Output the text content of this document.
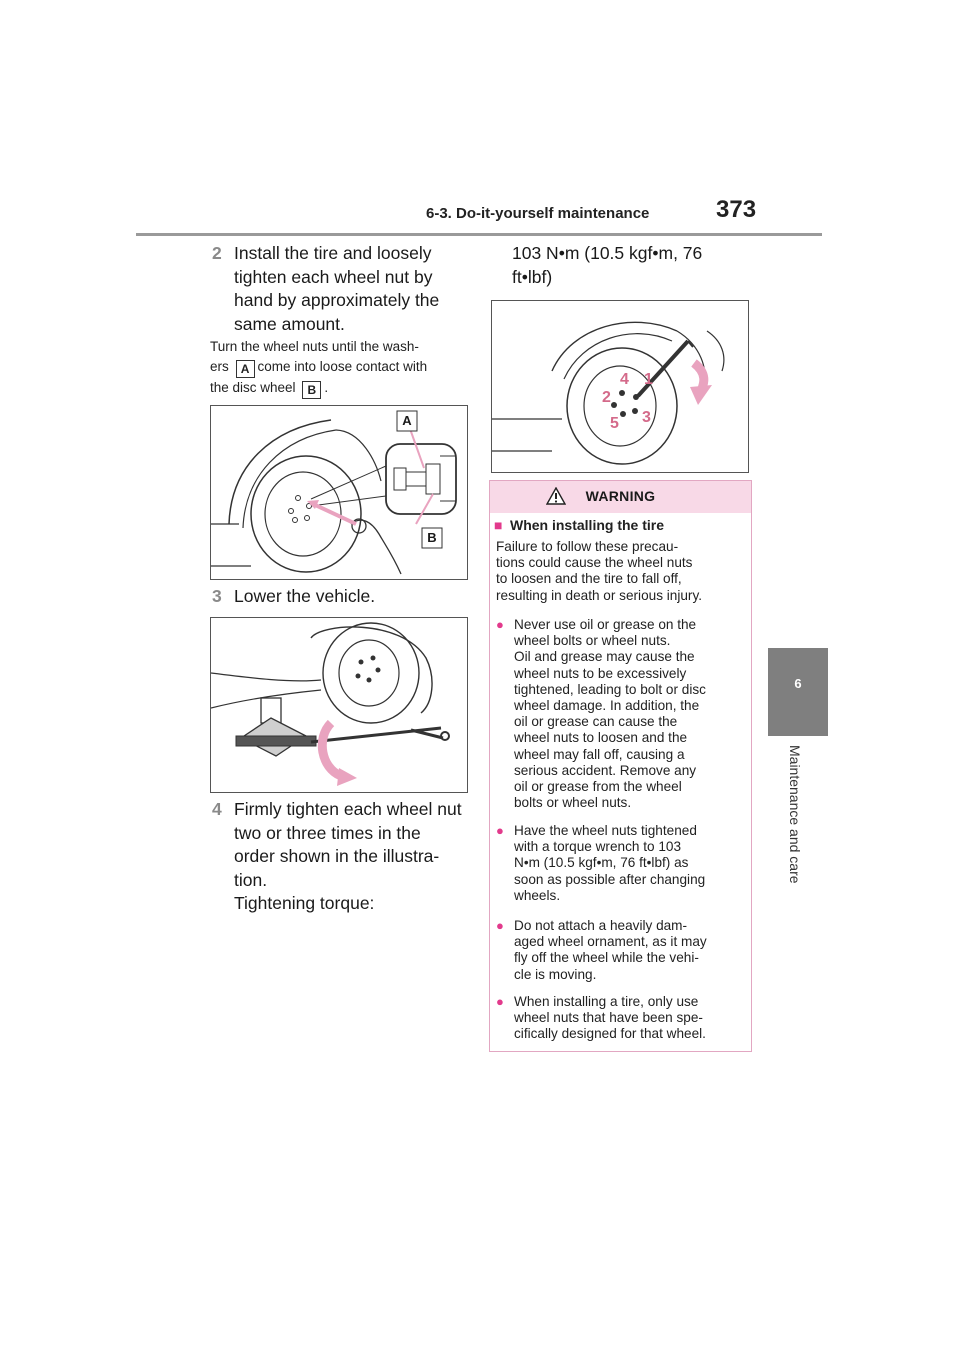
6-3. Do-it-yourself maintenance	373
6
Maintenance and care
2 Install the tire and loosely
tighten each wheel nut by
hand by approximately the
same amount.
Turn the wheel nuts until the wash-
ers A come into loose contact with
the disc wheel B .
A
B
3 Lower the vehicle.
4 Firmly tighten each wheel nut
two or three times in the
order shown in the illustra-
tion.
Tightening torque:
103 N•m (10.5 kgf•m, 76
ft•lbf)
1
2
3
4
5
WARNING
■ When installing the tire
Failure to follow these precau-
tions could cause the wheel nuts
to loosen and the tire to fall off,
resulting in death or serious injury.
● Never use oil or grease on the
wheel bolts or wheel nuts.
Oil and grease may cause the
wheel nuts to be excessively
tightened, leading to bolt or disc
wheel damage. In addition, the
oil or grease can cause the
wheel nuts to loosen and the
wheel may fall off, causing a
serious accident. Remove any
oil or grease from the wheel
bolts or wheel nuts.
● Have the wheel nuts tightened
with a torque wrench to 103
N•m (10.5 kgf•m, 76 ft•lbf) as
soon as possible after changing
wheels.
● Do not attach a heavily dam-
aged wheel ornament, as it may
fly off the wheel while the vehi-
cle is moving.
● When installing a tire, only use
wheel nuts that have been spe-
cifically designed for that wheel.
